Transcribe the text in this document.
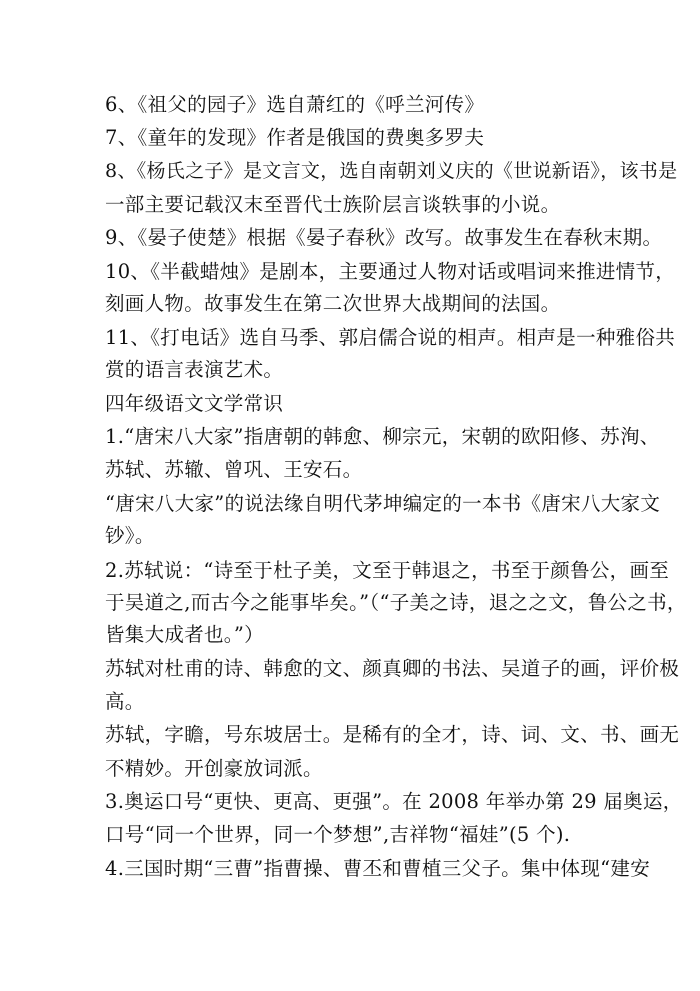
6、《祖父的园子》选自萧红的《呼兰河传》
7、《童年的发现》作者是俄国的费奥多罗夫
8、《杨氏之子》是文言文，选自南朝刘义庆的《世说新语》，该书是
一部主要记载汉末至晋代士族阶层言谈轶事的小说。
9、《晏子使楚》根据《晏子春秋》改写。故事发生在春秋末期。
10、《半截蜡烛》是剧本，主要通过人物对话或唱词来推进情节，
刻画人物。故事发生在第二次世界大战期间的法国。
11、《打电话》选自马季、郭启儒合说的相声。相声是一种雅俗共
赏的语言表演艺术。
四年级语文文学常识
1.“唐宋八大家”指唐朝的韩愈、柳宗元，宋朝的欧阳修、苏洵、
苏轼、苏辙、曾巩、王安石。
“唐宋八大家”的说法缘自明代茅坤编定的一本书《唐宋八大家文
钞》。
2.苏轼说：“诗至于杜子美，文至于韩退之，书至于颜鲁公，画至
于吴道之,而古今之能事毕矣。”（“子美之诗，退之之文，鲁公之书，
皆集大成者也。”）
苏轼对杜甫的诗、韩愈的文、颜真卿的书法、吴道子的画，评价极
高。
苏轼，字瞻，号东坡居士。是稀有的全才，诗、词、文、书、画无
不精妙。开创豪放词派。
3.奥运口号“更快、更高、更强”。在 2008 年举办第 29 届奥运，
口号“同一个世界，同一个梦想”,吉祥物“福娃”(5 个).
4.三国时期“三曹”指曹操、曹丕和曹植三父子。集中体现“建安
